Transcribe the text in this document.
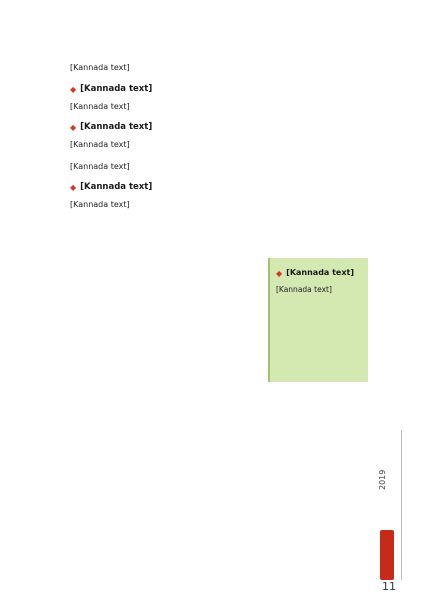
[Kannada text]

◆ [Kannada text]

[Kannada text]

◆ [Kannada text]

[Kannada text]

[Kannada text]

◆ [Kannada text]

[Kannada text]

◆ [Kannada text]

[Kannada text]

2019
11
